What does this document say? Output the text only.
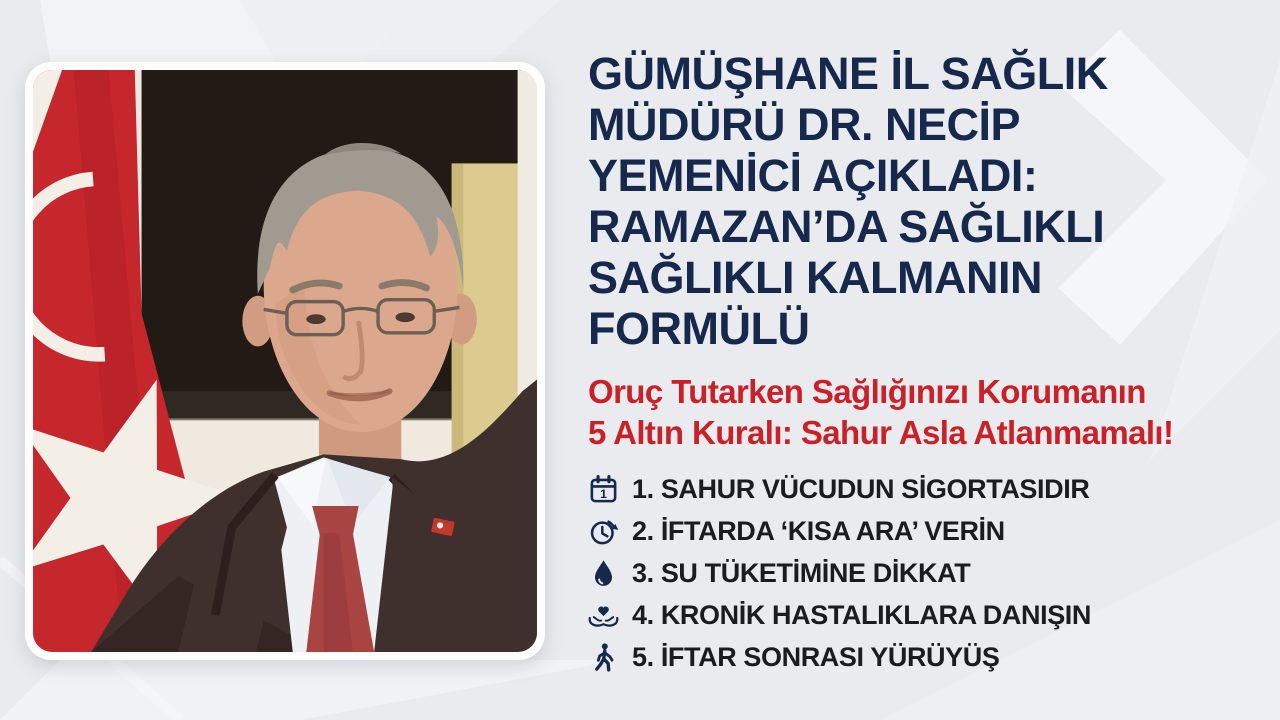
GÜMÜŞHANE İL SAĞLIK
MÜDÜRÜ DR. NECİP
YEMENİCİ AÇIKLADI:
RAMAZAN’DA SAĞLIKLI
SAĞLIKLI KALMANIN
FORMÜLÜ
Oruç Tutarken Sağlığınızı Korumanın
5 Altın Kuralı: Sahur Asla Atlanmamalı!
1 1. SAHUR VÜCUDUN SİGORTASIDIR
2. İFTARDA ‘KISA ARA’ VERİN
3. SU TÜKETİMİNE DİKKAT
4. KRONİK HASTALIKLARA DANIŞIN
5. İFTAR SONRASI YÜRÜYÜŞ
